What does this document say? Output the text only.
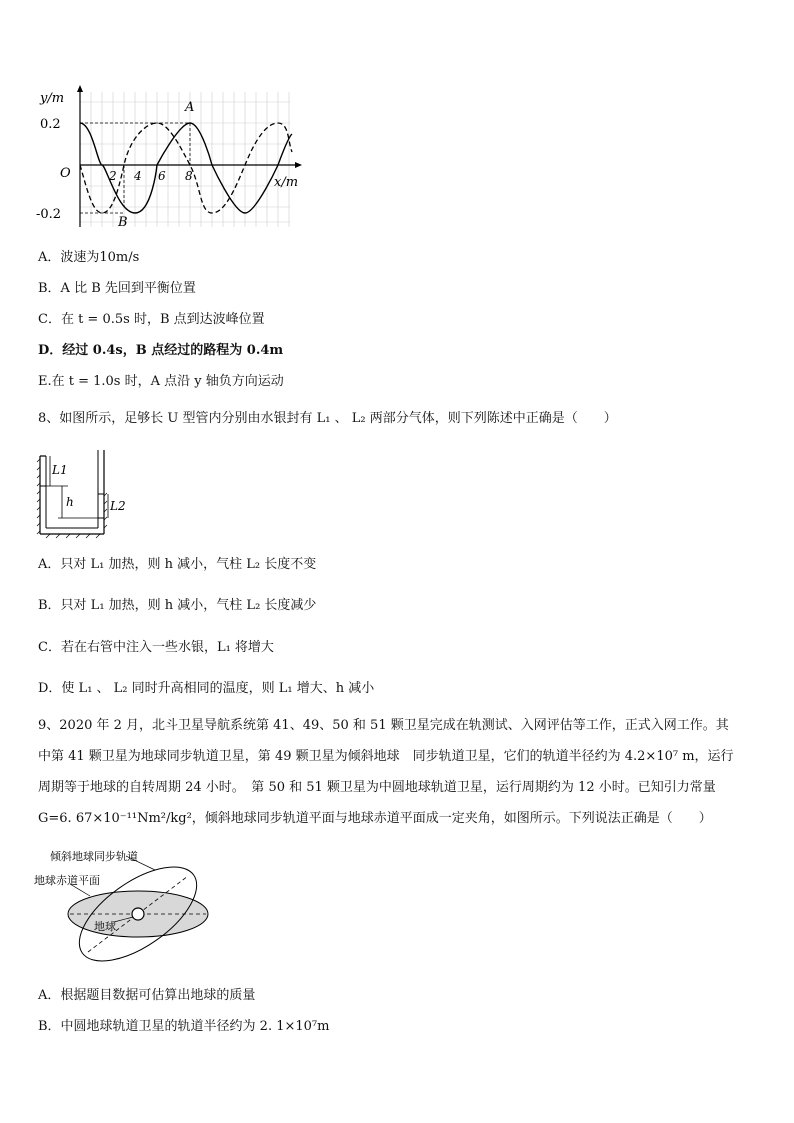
y/m
x/m
O
0.2
-0.2
2 4 6 8
A
B
A．波速为10m/s
B．A 比 B 先回到平衡位置
C．在 t = 0.5s 时，B 点到达波峰位置
D．经过 0.4s，B 点经过的路程为 0.4m
E.在 t = 1.0s 时，A 点沿 y 轴负方向运动
8、如图所示，足够长 U 型管内分别由水银封有 L₁ 、 L₂ 两部分气体，则下列陈述中正确是（　　）
L1
h	L2
A．只对 L₁ 加热，则 h 减小，气柱 L₂ 长度不变
B．只对 L₁ 加热，则 h 减小，气柱 L₂ 长度减少
C．若在右管中注入一些水银，L₁ 将增大
D．使 L₁ 、 L₂ 同时升高相同的温度，则 L₁ 增大、h 减小
9、2020 年 2 月，北斗卫星导航系统第 41、49、50 和 51 颗卫星完成在轨测试、入网评估等工作，正式入网工作。其
中第 41 颗卫星为地球同步轨道卫星，第 49 颗卫星为倾斜地球　同步轨道卫星，它们的轨道半径约为 4.2×10⁷ m，运行
周期等于地球的自转周期 24 小时。　第 50 和 51 颗卫星为中圆地球轨道卫星，运行周期约为 12 小时。已知引力常量
G=6. 67×10⁻¹¹Nm²/kg²，倾斜地球同步轨道平面与地球赤道平面成一定夹角，如图所示。下列说法正确是（　　）
倾斜地球同步轨道
地球赤道平面
地球
A．根据题目数据可估算出地球的质量
B．中圆地球轨道卫星的轨道半径约为 2. 1×10⁷m
